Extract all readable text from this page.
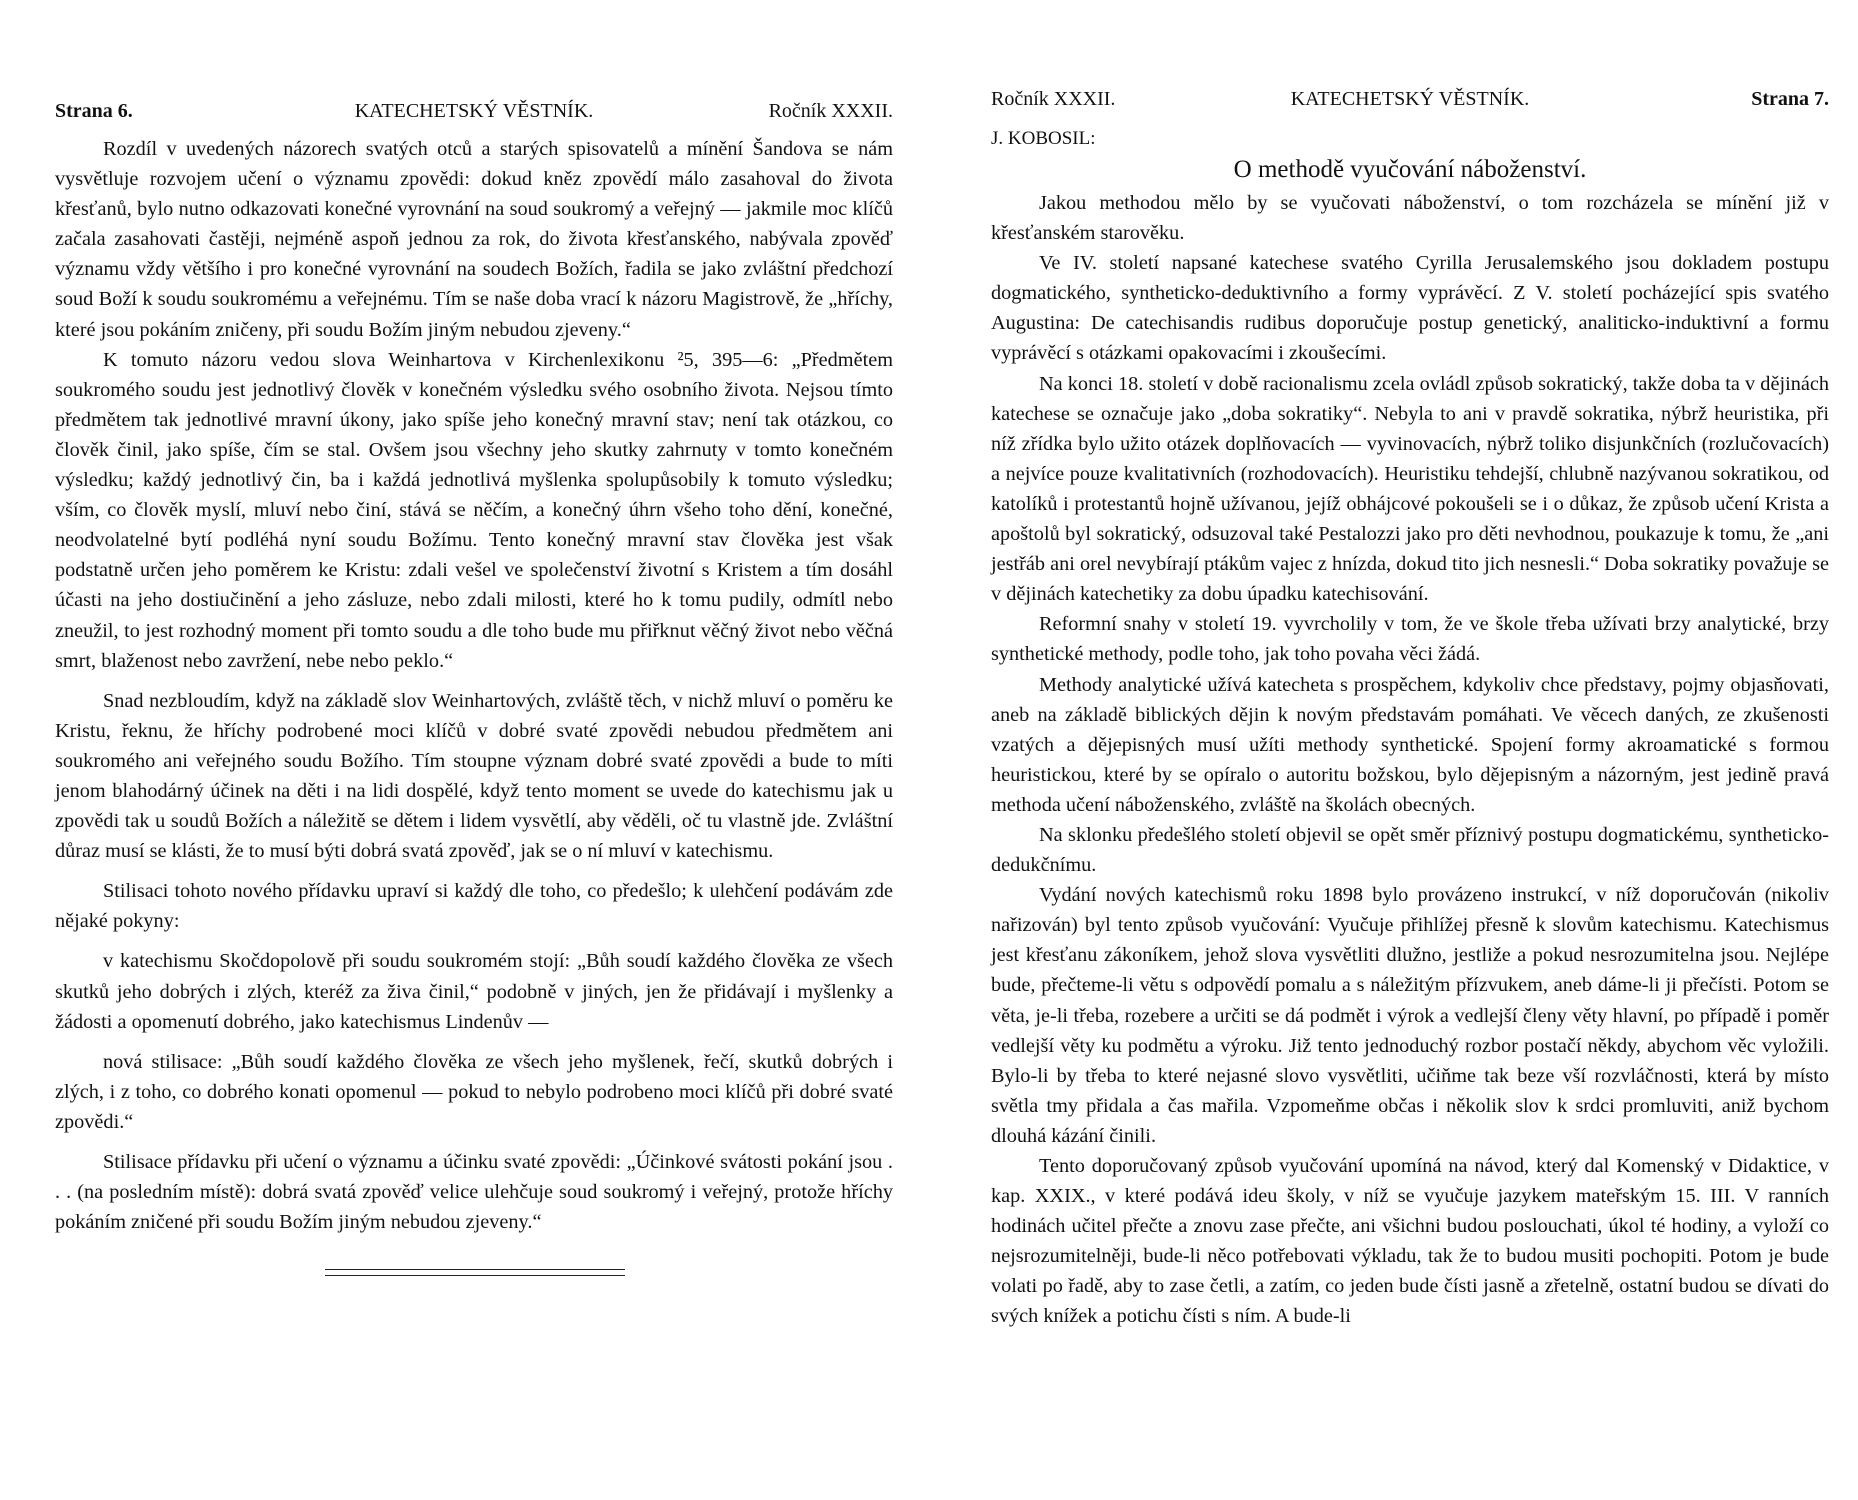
Strana 6.	KATECHETSKÝ VĚSTNÍK.	Ročník XXXII.

Rozdíl v uvedených názorech svatých otců a starých spisovatelů a mínění Šandova se nám vysvětluje rozvojem učení o významu zpovědi: dokud kněz zpovědí málo zasahoval do života křesťanů, bylo nutno odkazovati konečné vyrovnání na soud soukromý a veřejný — jakmile moc klíčů začala zasahovati častěji, nejméně aspoň jednou za rok, do života křesťanského, nabývala zpověď významu vždy většího i pro konečné vyrovnání na soudech Božích, řadila se jako zvláštní předchozí soud Boží k soudu soukromému a veřejnému. Tím se naše doba vrací k názoru Magistrově, že „hříchy, které jsou pokáním zničeny, při soudu Božím jiným nebudou zjeveny.“

K tomuto názoru vedou slova Weinhartova v Kirchenlexikonu ²5, 395—6: „Předmětem soukromého soudu jest jednotlivý člověk v konečném výsledku svého osobního života. Nejsou tímto předmětem tak jednotlivé mravní úkony, jako spíše jeho konečný mravní stav; není tak otázkou, co člověk činil, jako spíše, čím se stal. Ovšem jsou všechny jeho skutky zahrnuty v tomto konečném výsledku; každý jednotlivý čin, ba i každá jednotlivá myšlenka spolupůsobily k tomuto výsledku; vším, co člověk myslí, mluví nebo činí, stává se něčím, a konečný úhrn všeho toho dění, konečné, neodvolatelné bytí podléhá nyní soudu Božímu. Tento konečný mravní stav člověka jest však podstatně určen jeho poměrem ke Kristu: zdali vešel ve společenství životní s Kristem a tím dosáhl účasti na jeho dostiučinění a jeho zásluze, nebo zdali milosti, které ho k tomu pudily, odmítl nebo zneužil, to jest rozhodný moment při tomto soudu a dle toho bude mu přiřknut věčný život nebo věčná smrt, blaženost nebo zavržení, nebe nebo peklo.“

Snad nezbloudím, když na základě slov Weinhartových, zvláště těch, v nichž mluví o poměru ke Kristu, řeknu, že hříchy podrobené moci klíčů v dobré svaté zpovědi nebudou předmětem ani soukromého ani veřejného soudu Božího. Tím stoupne význam dobré svaté zpovědi a bude to míti jenom blahodárný účinek na děti i na lidi dospělé, když tento moment se uvede do katechismu jak u zpovědi tak u soudů Božích a náležitě se dětem i lidem vysvětlí, aby věděli, oč tu vlastně jde. Zvláštní důraz musí se klásti, že to musí býti dobrá svatá zpověď, jak se o ní mluví v katechismu.

Stilisaci tohoto nového přídavku upraví si každý dle toho, co předešlo; k ulehčení podávám zde nějaké pokyny:

v katechismu Skočdopolově při soudu soukromém stojí: „Bůh soudí každého člověka ze všech skutků jeho dobrých i zlých, kteréž za živa činil,“ podobně v jiných, jen že přidávají i myšlenky a žádosti a opomenutí dobrého, jako katechismus Lindenův —

nová stilisace: „Bůh soudí každého člověka ze všech jeho myšlenek, řečí, skutků dobrých i zlých, i z toho, co dobrého konati opomenul — pokud to nebylo podrobeno moci klíčů při dobré svaté zpovědi.“

Stilisace přídavku při učení o významu a účinku svaté zpovědi: „Účinkové svátosti pokání jsou . . . (na posledním místě): dobrá svatá zpověď velice ulehčuje soud soukromý i veřejný, protože hříchy pokáním zničené při soudu Božím jiným nebudou zjeveny.“

Ročník XXXII.	KATECHETSKÝ VĚSTNÍK.	Strana 7.
J. KOBOSIL:
O methodě vyučování náboženství.

Jakou methodou mělo by se vyučovati náboženství, o tom rozcházela se mínění již v křesťanském starověku.

Ve IV. století napsané katechese svatého Cyrilla Jerusalemského jsou dokladem postupu dogmatického, syntheticko-deduktivního a formy vyprávěcí. Z V. století pocházející spis svatého Augustina: De catechisandis rudibus doporučuje postup genetický, analiticko-induktivní a formu vyprávěcí s otázkami opakovacími i zkoušecími.

Na konci 18. století v době racionalismu zcela ovládl způsob sokratický, takže doba ta v dějinách katechese se označuje jako „doba sokratiky“. Nebyla to ani v pravdě sokratika, nýbrž heuristika, při níž zřídka bylo užito otázek doplňovacích — vyvinovacích, nýbrž toliko disjunkčních (rozlučovacích) a nejvíce pouze kvalitativních (rozhodovacích). Heuristiku tehdejší, chlubně nazývanou sokratikou, od katolíků i protestantů hojně užívanou, jejíž obhájcové pokoušeli se i o důkaz, že způsob učení Krista a apoštolů byl sokratický, odsuzoval také Pestalozzi jako pro děti nevhodnou, poukazuje k tomu, že „ani jestřáb ani orel nevybírají ptákům vajec z hnízda, dokud tito jich nesnesli.“ Doba sokratiky považuje se v dějinách katechetiky za dobu úpadku katechisování.

Reformní snahy v století 19. vyvrcholily v tom, že ve škole třeba užívati brzy analytické, brzy synthetické methody, podle toho, jak toho povaha věci žádá.

Methody analytické užívá katecheta s prospěchem, kdykoliv chce představy, pojmy objasňovati, aneb na základě biblických dějin k novým představám pomáhati. Ve věcech daných, ze zkušenosti vzatých a dějepisných musí užíti methody synthetické. Spojení formy akroamatické s formou heuristickou, které by se opíralo o autoritu božskou, bylo dějepisným a názorným, jest jedině pravá methoda učení náboženského, zvláště na školách obecných.

Na sklonku předešlého století objevil se opět směr příznivý postupu dogmatickému, syntheticko-dedukčnímu.

Vydání nových katechismů roku 1898 bylo provázeno instrukcí, v níž doporučován (nikoliv nařizován) byl tento způsob vyučování: Vyučuje přihlížej přesně k slovům katechismu. Katechismus jest křesťanu zákoníkem, jehož slova vysvětliti dlužno, jestliže a pokud nesrozumitelna jsou. Nejlépe bude, přečteme-li větu s odpovědí pomalu a s náležitým přízvukem, aneb dáme-li ji přečísti. Potom se věta, je-li třeba, rozebere a určiti se dá podmět i výrok a vedlejší členy věty hlavní, po případě i poměr vedlejší věty ku podmětu a výroku. Již tento jednoduchý rozbor postačí někdy, abychom věc vyložili. Bylo-li by třeba to které nejasné slovo vysvětliti, učiňme tak beze vší rozvláčnosti, která by místo světla tmy přidala a čas mařila. Vzpomeňme občas i několik slov k srdci promluviti, aniž bychom dlouhá kázání činili.

Tento doporučovaný způsob vyučování upomíná na návod, který dal Komenský v Didaktice, v kap. XXIX., v které podává ideu školy, v níž se vyučuje jazykem mateřským 15. III. V ranních hodinách učitel přečte a znovu zase přečte, ani všichni budou poslouchati, úkol té hodiny, a vyloží co nejsrozumitelněji, bude-li něco potřebovati výkladu, tak že to budou musiti pochopiti. Potom je bude volati po řadě, aby to zase četli, a zatím, co jeden bude čísti jasně a zřetelně, ostatní budou se dívati do svých knížek a potichu čísti s ním. A bude-li
